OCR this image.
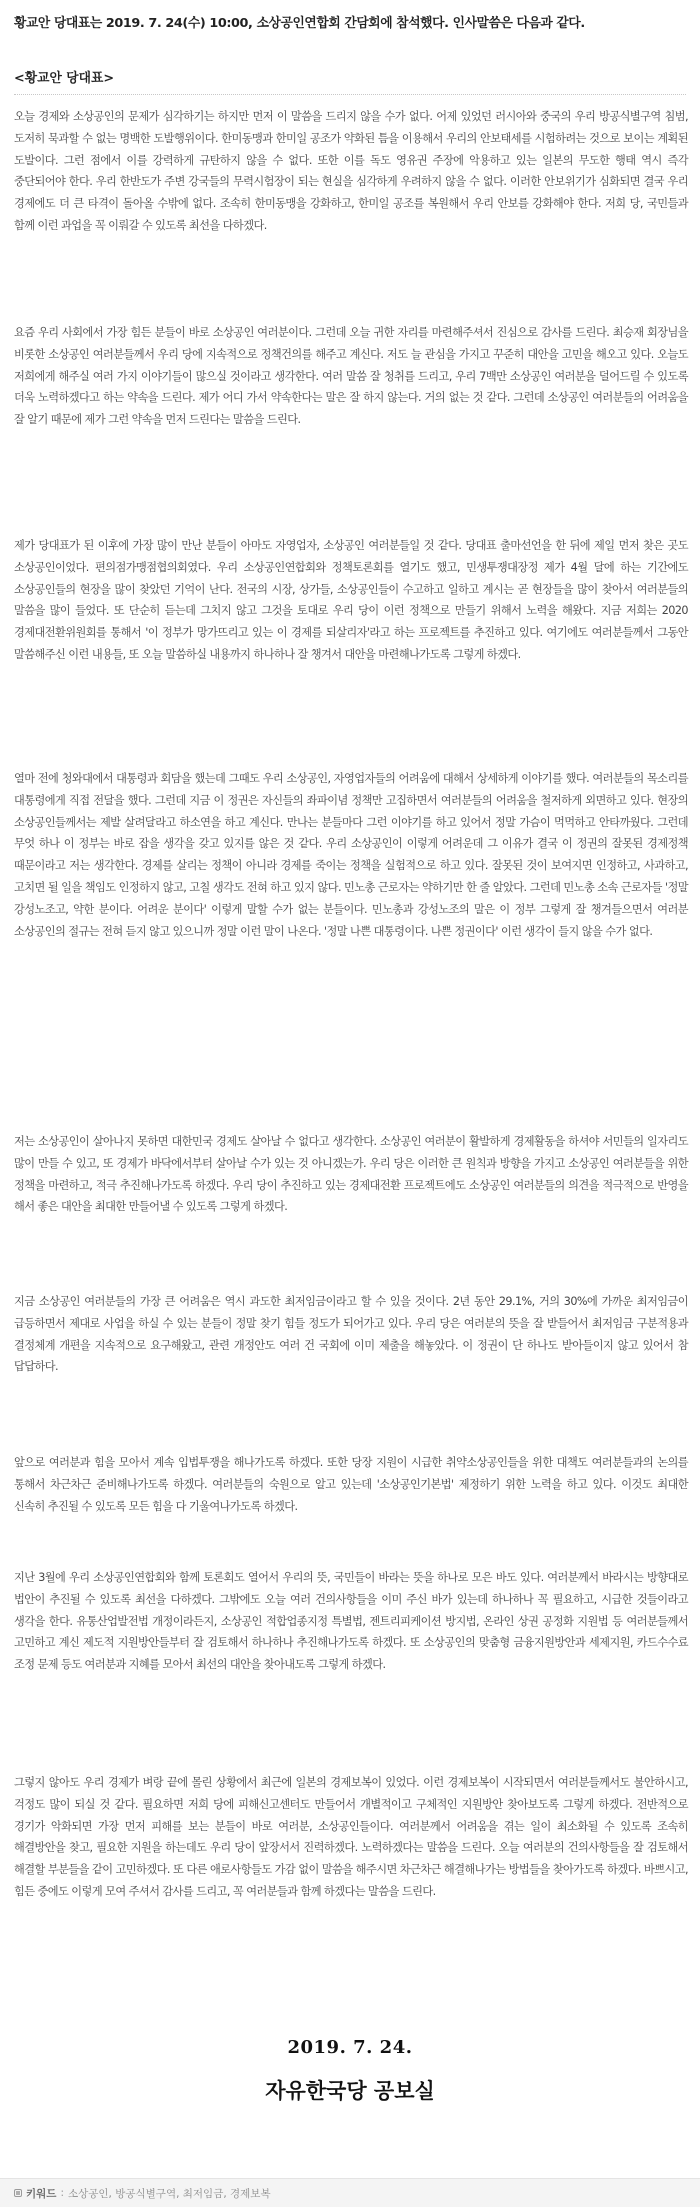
황교안 당대표는 2019. 7. 24(수) 10:00, 소상공인연합회 간담회에 참석했다. 인사말씀은 다음과 같다.
<황교안 당대표>

오늘 경제와 소상공인의 문제가 심각하기는 하지만 먼저 이 말씀을 드리지 않을 수가 없다. 어제 있었던 러시아와 중국의 우리 방공식별구역 침범, 도저히 묵과할 수 없는 명백한 도발행위이다. 한미동맹과 한미일 공조가 약화된 틈을 이용해서 우리의 안보태세를 시험하려는 것으로 보이는 계획된 도발이다. 그런 점에서 이를 강력하게 규탄하지 않을 수 없다. 또한 이를 독도 영유권 주장에 악용하고 있는 일본의 무도한 행태 역시 즉각 중단되어야 한다. 우리 한반도가 주변 강국들의 무력시험장이 되는 현실을 심각하게 우려하지 않을 수 없다. 이러한 안보위기가 심화되면 결국 우리 경제에도 더 큰 타격이 돌아올 수밖에 없다. 조속히 한미동맹을 강화하고, 한미일 공조를 복원해서 우리 안보를 강화해야 한다. 저희 당, 국민들과 함께 이런 과업을 꼭 이뤄갈 수 있도록 최선을 다하겠다.

요즘 우리 사회에서 가장 힘든 분들이 바로 소상공인 여러분이다. 그런데 오늘 귀한 자리를 마련해주셔서 진심으로 감사를 드린다. 최승재 회장님을 비롯한 소상공인 여러분들께서 우리 당에 지속적으로 정책건의를 해주고 계신다. 저도 늘 관심을 가지고 꾸준히 대안을 고민을 해오고 있다. 오늘도 저희에게 해주실 여러 가지 이야기들이 많으실 것이라고 생각한다. 여러 말씀 잘 청취를 드리고, 우리 7백만 소상공인 여러분을 덜어드릴 수 있도록 더욱 노력하겠다고 하는 약속을 드린다. 제가 어디 가서 약속한다는 말은 잘 하지 않는다. 거의 없는 것 같다. 그런데 소상공인 여러분들의 어려움을 잘 알기 때문에 제가 그런 약속을 먼저 드린다는 말씀을 드린다.

제가 당대표가 된 이후에 가장 많이 만난 분들이 아마도 자영업자, 소상공인 여러분들일 것 같다. 당대표 출마선언을 한 뒤에 제일 먼저 찾은 곳도 소상공인이었다. 편의점가맹점협의회였다. 우리 소상공인연합회와 정책토론회를 열기도 했고, 민생투쟁대장정 제가 4월 달에 하는 기간에도 소상공인들의 현장을 많이 찾았던 기억이 난다. 전국의 시장, 상가들, 소상공인들이 수고하고 일하고 계시는 곧 현장들을 많이 찾아서 여러분들의 말씀을 많이 들었다. 또 단순히 듣는데 그치지 않고 그것을 토대로 우리 당이 이런 정책으로 만들기 위해서 노력을 해왔다. 지금 저희는 2020 경제대전환위원회를 통해서 '이 정부가 망가뜨리고 있는 이 경제를 되살리자'라고 하는 프로젝트를 추진하고 있다. 여기에도 여러분들께서 그동안 말씀해주신 이런 내용들, 또 오늘 말씀하실 내용까지 하나하나 잘 챙겨서 대안을 마련해나가도록 그렇게 하겠다.

열마 전에 청와대에서 대통령과 회담을 했는데 그때도 우리 소상공인, 자영업자들의 어려움에 대해서 상세하게 이야기를 했다. 여러분들의 목소리를 대통령에게 직접 전달을 했다. 그런데 지금 이 정권은 자신들의 좌파이념 정책만 고집하면서 여러분들의 어려움을 철저하게 외면하고 있다. 현장의 소상공인들께서는 제발 살려달라고 하소연을 하고 계신다. 만나는 분들마다 그런 이야기를 하고 있어서 정말 가슴이 먹먹하고 안타까웠다. 그런데 무엇 하나 이 정부는 바로 잡을 생각을 갖고 있지를 않은 것 같다. 우리 소상공인이 이렇게 어려운데 그 이유가 결국 이 정권의 잘못된 경제정책 때문이라고 저는 생각한다. 경제를 살리는 정책이 아니라 경제를 죽이는 정책을 실험적으로 하고 있다. 잘못된 것이 보여지면 인정하고, 사과하고, 고치면 될 일을 책임도 인정하지 않고, 고칠 생각도 전혀 하고 있지 않다. 민노총 근로자는 약하기만 한 줄 알았다. 그런데 민노총 소속 근로자들 '정말 강성노조고, 약한 분이다. 어려운 분이다' 이렇게 말할 수가 없는 분들이다. 민노총과 강성노조의 말은 이 정부 그렇게 잘 챙겨들으면서 여러분 소상공인의 절규는 전혀 듣지 않고 있으니까 정말 이런 말이 나온다. '정말 나쁜 대통령이다. 나쁜 정권이다' 이런 생각이 들지 않을 수가 없다.

저는 소상공인이 살아나지 못하면 대한민국 경제도 살아날 수 없다고 생각한다. 소상공인 여러분이 활발하게 경제활동을 하셔야 서민들의 일자리도 많이 만들 수 있고, 또 경제가 바닥에서부터 살아날 수가 있는 것 아니겠는가. 우리 당은 이러한 큰 원칙과 방향을 가지고 소상공인 여러분들을 위한 정책을 마련하고, 적극 추진해나가도록 하겠다. 우리 당이 추진하고 있는 경제대전환 프로젝트에도 소상공인 여러분들의 의견을 적극적으로 반영을 해서 좋은 대안을 최대한 만들어낼 수 있도록 그렇게 하겠다.

지금 소상공인 여러분들의 가장 큰 어려움은 역시 과도한 최저임금이라고 할 수 있을 것이다. 2년 동안 29.1%, 거의 30%에 가까운 최저임금이 급등하면서 제대로 사업을 하실 수 있는 분들이 정말 찾기 힘들 정도가 되어가고 있다. 우리 당은 여러분의 뜻을 잘 받들어서 최저임금 구분적용과 결정체계 개편을 지속적으로 요구해왔고, 관련 개정안도 여러 건 국회에 이미 제출을 해놓았다. 이 정권이 단 하나도 받아들이지 않고 있어서 참 답답하다.

앞으로 여러분과 힘을 모아서 계속 입법투쟁을 해나가도록 하겠다. 또한 당장 지원이 시급한 취약소상공인들을 위한 대책도 여러분들과의 논의를 통해서 차근차근 준비해나가도록 하겠다. 여러분들의 숙원으로 알고 있는데 '소상공인기본법' 제정하기 위한 노력을 하고 있다. 이것도 최대한 신속히 추진될 수 있도록 모든 힘을 다 기울여나가도록 하겠다.

지난 3월에 우리 소상공인연합회와 함께 토론회도 열어서 우리의 뜻, 국민들이 바라는 뜻을 하나로 모은 바도 있다. 여러분께서 바라시는 방향대로 법안이 추진될 수 있도록 최선을 다하겠다. 그밖에도 오늘 여러 건의사항들을 이미 주신 바가 있는데 하나하나 꼭 필요하고, 시급한 것들이라고 생각을 한다. 유통산업발전법 개정이라든지, 소상공인 적합업종지정 특별법, 젠트리피케이션 방지법, 온라인 상권 공정화 지원법 등 여러분들께서 고민하고 계신 제도적 지원방안들부터 잘 검토해서 하나하나 추진해나가도록 하겠다. 또 소상공인의 맞춤형 금융지원방안과 세제지원, 카드수수료 조정 문제 등도 여러분과 지혜를 모아서 최선의 대안을 찾아내도록 그렇게 하겠다.

그렇지 않아도 우리 경제가 벼랑 끝에 몰린 상황에서 최근에 일본의 경제보복이 있었다. 이런 경제보복이 시작되면서 여러분들께서도 불안하시고, 걱정도 많이 되실 것 같다. 필요하면 저희 당에 피해신고센터도 만들어서 개별적이고 구체적인 지원방안 찾아보도록 그렇게 하겠다. 전반적으로 경기가 악화되면 가장 먼저 피해를 보는 분들이 바로 여러분, 소상공인들이다. 여러분께서 어려움을 겪는 일이 최소화될 수 있도록 조속히 해결방안을 찾고, 필요한 지원을 하는데도 우리 당이 앞장서서 진력하겠다. 노력하겠다는 말씀을 드린다. 오늘 여러분의 건의사항들을 잘 검토해서 해결할 부분들을 같이 고민하겠다. 또 다른 애로사항들도 가감 없이 말씀을 해주시면 차근차근 해결해나가는 방법들을 찾아가도록 하겠다. 바쁘시고, 힘든 중에도 이렇게 모여 주셔서 감사를 드리고, 꼭 여러분들과 함께 하겠다는 말씀을 드린다.

2019. 7. 24.
자유한국당 공보실
키워드 : 소상공인, 방공식별구역, 최저임금, 경제보복
